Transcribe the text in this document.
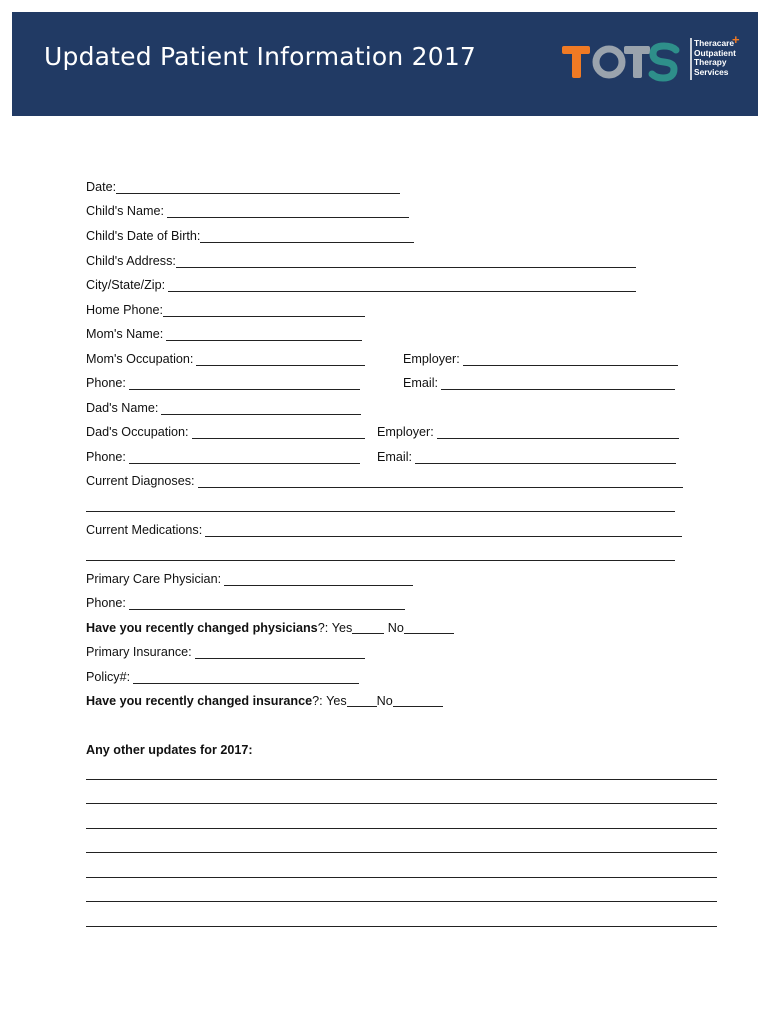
Updated Patient Information 2017	Theracare
Outpatient
Therapy
Services
+
Date:
Child's Name:
Child's Date of Birth:
Child's Address:
City/State/Zip:
Home Phone:
Mom's Name:
Mom's Occupation:	Employer:
Phone:	Email:
Dad's Name:
Dad's Occupation:	Employer:
Phone:	Email:
Current Diagnoses:
Current Medications:
Primary Care Physician:
Phone:
Have you recently changed physicians?: Yes	No
Primary Insurance:
Policy#:
Have you recently changed insurance?: Yes No
Any other updates for 2017:
